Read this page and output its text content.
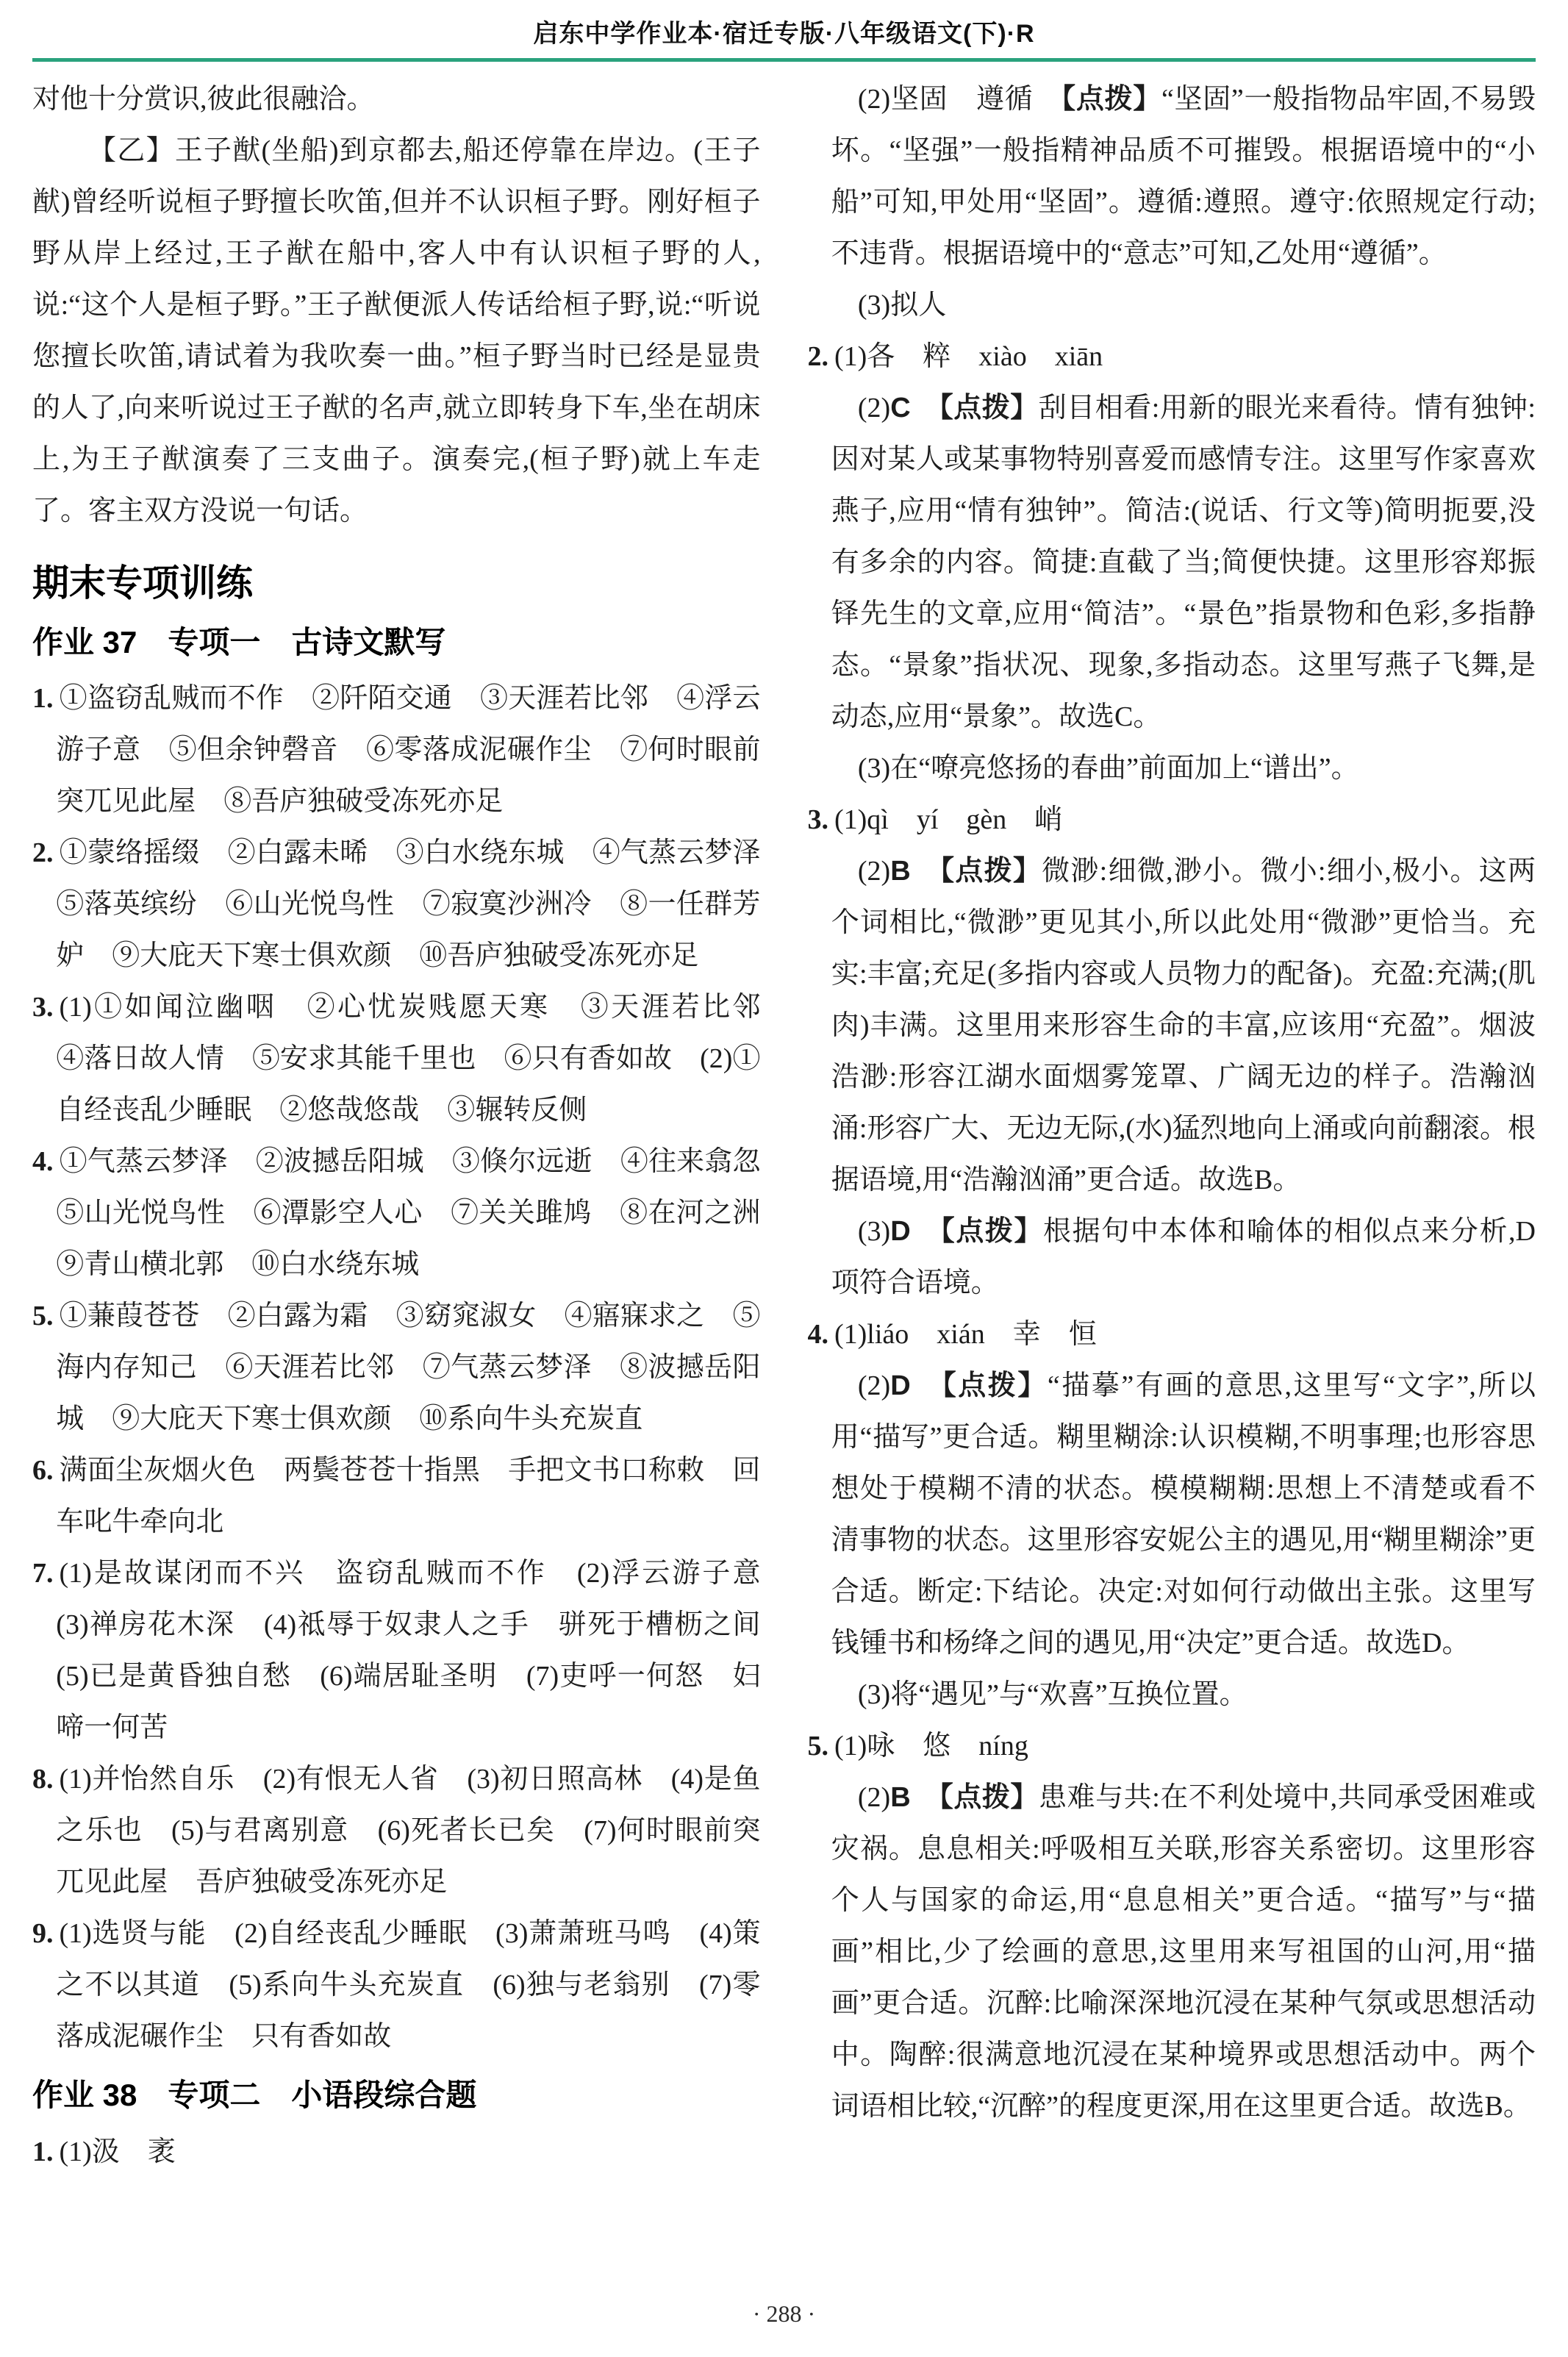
启东中学作业本·宿迁专版·八年级语文(下)·R
对他十分赏识,彼此很融洽。
【乙】王子猷(坐船)到京都去,船还停靠在岸边。(王子猷)曾经听说桓子野擅长吹笛,但并不认识桓子野。刚好桓子野从岸上经过,王子猷在船中,客人中有认识桓子野的人,说:“这个人是桓子野。”王子猷便派人传话给桓子野,说:“听说您擅长吹笛,请试着为我吹奏一曲。”桓子野当时已经是显贵的人了,向来听说过王子猷的名声,就立即转身下车,坐在胡床上,为王子猷演奏了三支曲子。演奏完,(桓子野)就上车走了。客主双方没说一句话。
期末专项训练
作业 37　专项一　古诗文默写
1. ①盗窃乱贼而不作　②阡陌交通　③天涯若比邻　④浮云游子意　⑤但余钟磬音　⑥零落成泥碾作尘　⑦何时眼前突兀见此屋　⑧吾庐独破受冻死亦足
2. ①蒙络摇缀　②白露未晞　③白水绕东城　④气蒸云梦泽　⑤落英缤纷　⑥山光悦鸟性　⑦寂寞沙洲冷　⑧一任群芳妒　⑨大庇天下寒士俱欢颜　⑩吾庐独破受冻死亦足
3. (1)①如闻泣幽咽　②心忧炭贱愿天寒　③天涯若比邻　④落日故人情　⑤安求其能千里也　⑥只有香如故　(2)①自经丧乱少睡眠　②悠哉悠哉　③辗转反侧
4. ①气蒸云梦泽　②波撼岳阳城　③倏尔远逝　④往来翕忽　⑤山光悦鸟性　⑥潭影空人心　⑦关关雎鸠　⑧在河之洲　⑨青山横北郭　⑩白水绕东城
5. ①蒹葭苍苍　②白露为霜　③窈窕淑女　④寤寐求之　⑤海内存知己　⑥天涯若比邻　⑦气蒸云梦泽　⑧波撼岳阳城　⑨大庇天下寒士俱欢颜　⑩系向牛头充炭直
6. 满面尘灰烟火色　两鬓苍苍十指黑　手把文书口称敕　回车叱牛牵向北
7. (1)是故谋闭而不兴　盗窃乱贼而不作　(2)浮云游子意　(3)禅房花木深　(4)祗辱于奴隶人之手　骈死于槽枥之间　(5)已是黄昏独自愁　(6)端居耻圣明　(7)吏呼一何怒　妇啼一何苦
8. (1)并怡然自乐　(2)有恨无人省　(3)初日照高林　(4)是鱼之乐也　(5)与君离别意　(6)死者长已矣　(7)何时眼前突兀见此屋　吾庐独破受冻死亦足
9. (1)选贤与能　(2)自经丧乱少睡眠　(3)萧萧班马鸣　(4)策之不以其道　(5)系向牛头充炭直　(6)独与老翁别　(7)零落成泥碾作尘　只有香如故
作业 38　专项二　小语段综合题
1. (1)汲　袤
(2)坚固　遵循　【点拨】“坚固”一般指物品牢固,不易毁坏。“坚强”一般指精神品质不可摧毁。根据语境中的“小船”可知,甲处用“坚固”。遵循:遵照。遵守:依照规定行动;不违背。根据语境中的“意志”可知,乙处用“遵循”。
(3)拟人
2. (1)各　粹　xiào　xiān
(2)C　 【点拨】刮目相看:用新的眼光来看待。情有独钟:因对某人或某事物特别喜爱而感情专注。这里写作家喜欢燕子,应用“情有独钟”。简洁:(说话、行文等)简明扼要,没有多余的内容。简捷:直截了当;简便快捷。这里形容郑振铎先生的文章,应用“简洁”。“景色”指景物和色彩,多指静态。“景象”指状况、现象,多指动态。这里写燕子飞舞,是动态,应用“景象”。故选C。
(3)在“嘹亮悠扬的春曲”前面加上“谱出”。
3. (1)qì　yí　gèn　峭
(2)B　 【点拨】微渺:细微,渺小。微小:细小,极小。这两个词相比,“微渺”更见其小,所以此处用“微渺”更恰当。充实:丰富;充足(多指内容或人员物力的配备)。充盈:充满;(肌肉)丰满。这里用来形容生命的丰富,应该用“充盈”。烟波浩渺:形容江湖水面烟雾笼罩、广阔无边的样子。浩瀚汹涌:形容广大、无边无际,(水)猛烈地向上涌或向前翻滚。根据语境,用“浩瀚汹涌”更合适。故选B。
(3)D　 【点拨】根据句中本体和喻体的相似点来分析,D项符合语境。
4. (1)liáo　xián　幸　恒
(2)D　 【点拨】“描摹”有画的意思,这里写“文字”,所以用“描写”更合适。糊里糊涂:认识模糊,不明事理;也形容思想处于模糊不清的状态。模模糊糊:思想上不清楚或看不清事物的状态。这里形容安妮公主的遇见,用“糊里糊涂”更合适。断定:下结论。决定:对如何行动做出主张。这里写钱锺书和杨绛之间的遇见,用“决定”更合适。故选D。
(3)将“遇见”与“欢喜”互换位置。
5. (1)咏　悠　níng
(2)B　 【点拨】患难与共:在不利处境中,共同承受困难或灾祸。息息相关:呼吸相互关联,形容关系密切。这里形容个人与国家的命运,用“息息相关”更合适。“描写”与“描画”相比,少了绘画的意思,这里用来写祖国的山河,用“描画”更合适。沉醉:比喻深深地沉浸在某种气氛或思想活动中。陶醉:很满意地沉浸在某种境界或思想活动中。两个词语相比较,“沉醉”的程度更深,用在这里更合适。故选B。
· 288 ·
